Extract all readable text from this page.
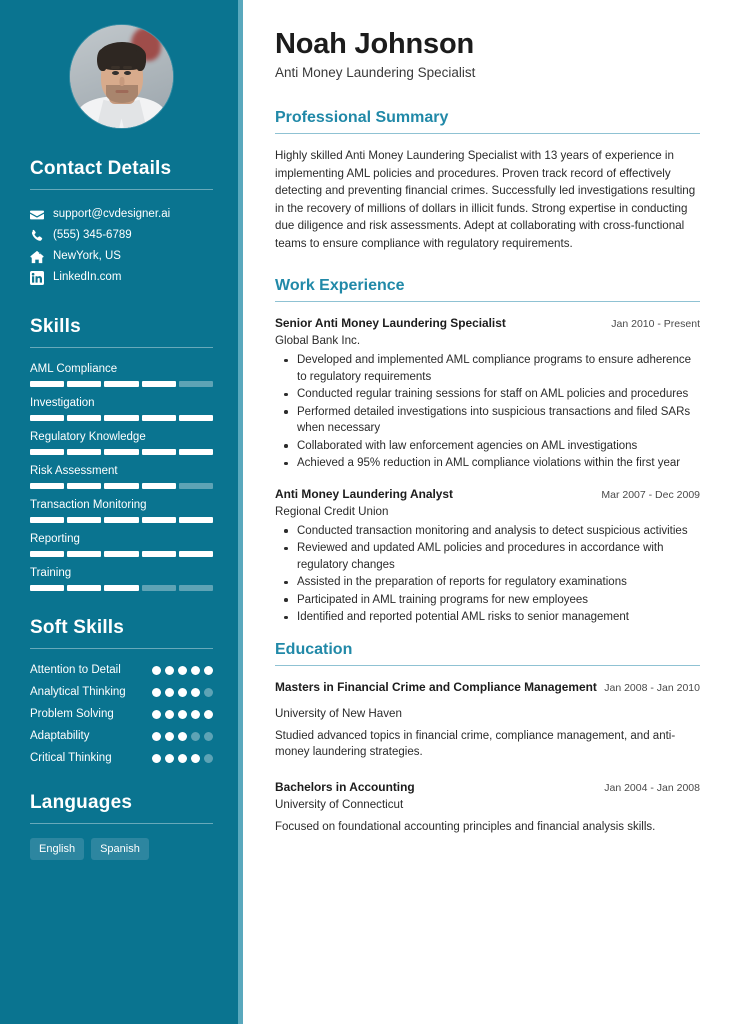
Contact Details
support@cvdesigner.ai
(555) 345-6789
NewYork, US
LinkedIn.com
Skills
AML Compliance
Investigation
Regulatory Knowledge
Risk Assessment
Transaction Monitoring
Reporting
Training
Soft Skills
Attention to Detail
Analytical Thinking
Problem Solving
Adaptability
Critical Thinking
Languages
English	Spanish
Noah Johnson
Anti Money Laundering Specialist
Professional Summary

Highly skilled Anti Money Laundering Specialist with 13 years of experience in implementing AML policies and procedures. Proven track record of effectively detecting and preventing financial crimes. Successfully led investigations resulting in the recovery of millions of dollars in illicit funds. Strong expertise in conducting due diligence and risk assessments. Adept at collaborating with cross-functional teams to ensure compliance with regulatory requirements.

Work Experience
Senior Anti Money Laundering Specialist	Jan 2010 - Present
Global Bank Inc.
Developed and implemented AML compliance programs to ensure adherence to regulatory requirements
Conducted regular training sessions for staff on AML policies and procedures
Performed detailed investigations into suspicious transactions and filed SARs when necessary
Collaborated with law enforcement agencies on AML investigations
Achieved a 95% reduction in AML compliance violations within the first year
Anti Money Laundering Analyst	Mar 2007 - Dec 2009
Regional Credit Union
Conducted transaction monitoring and analysis to detect suspicious activities
Reviewed and updated AML policies and procedures in accordance with regulatory changes
Assisted in the preparation of reports for regulatory examinations
Participated in AML training programs for new employees
Identified and reported potential AML risks to senior management
Education
Masters in Financial Crime and Compliance Management Jan 2008 - Jan 2010
University of New Haven
Studied advanced topics in financial crime, compliance management, and anti-money laundering strategies.
Bachelors in Accounting	Jan 2004 - Jan 2008
University of Connecticut
Focused on foundational accounting principles and financial analysis skills.
